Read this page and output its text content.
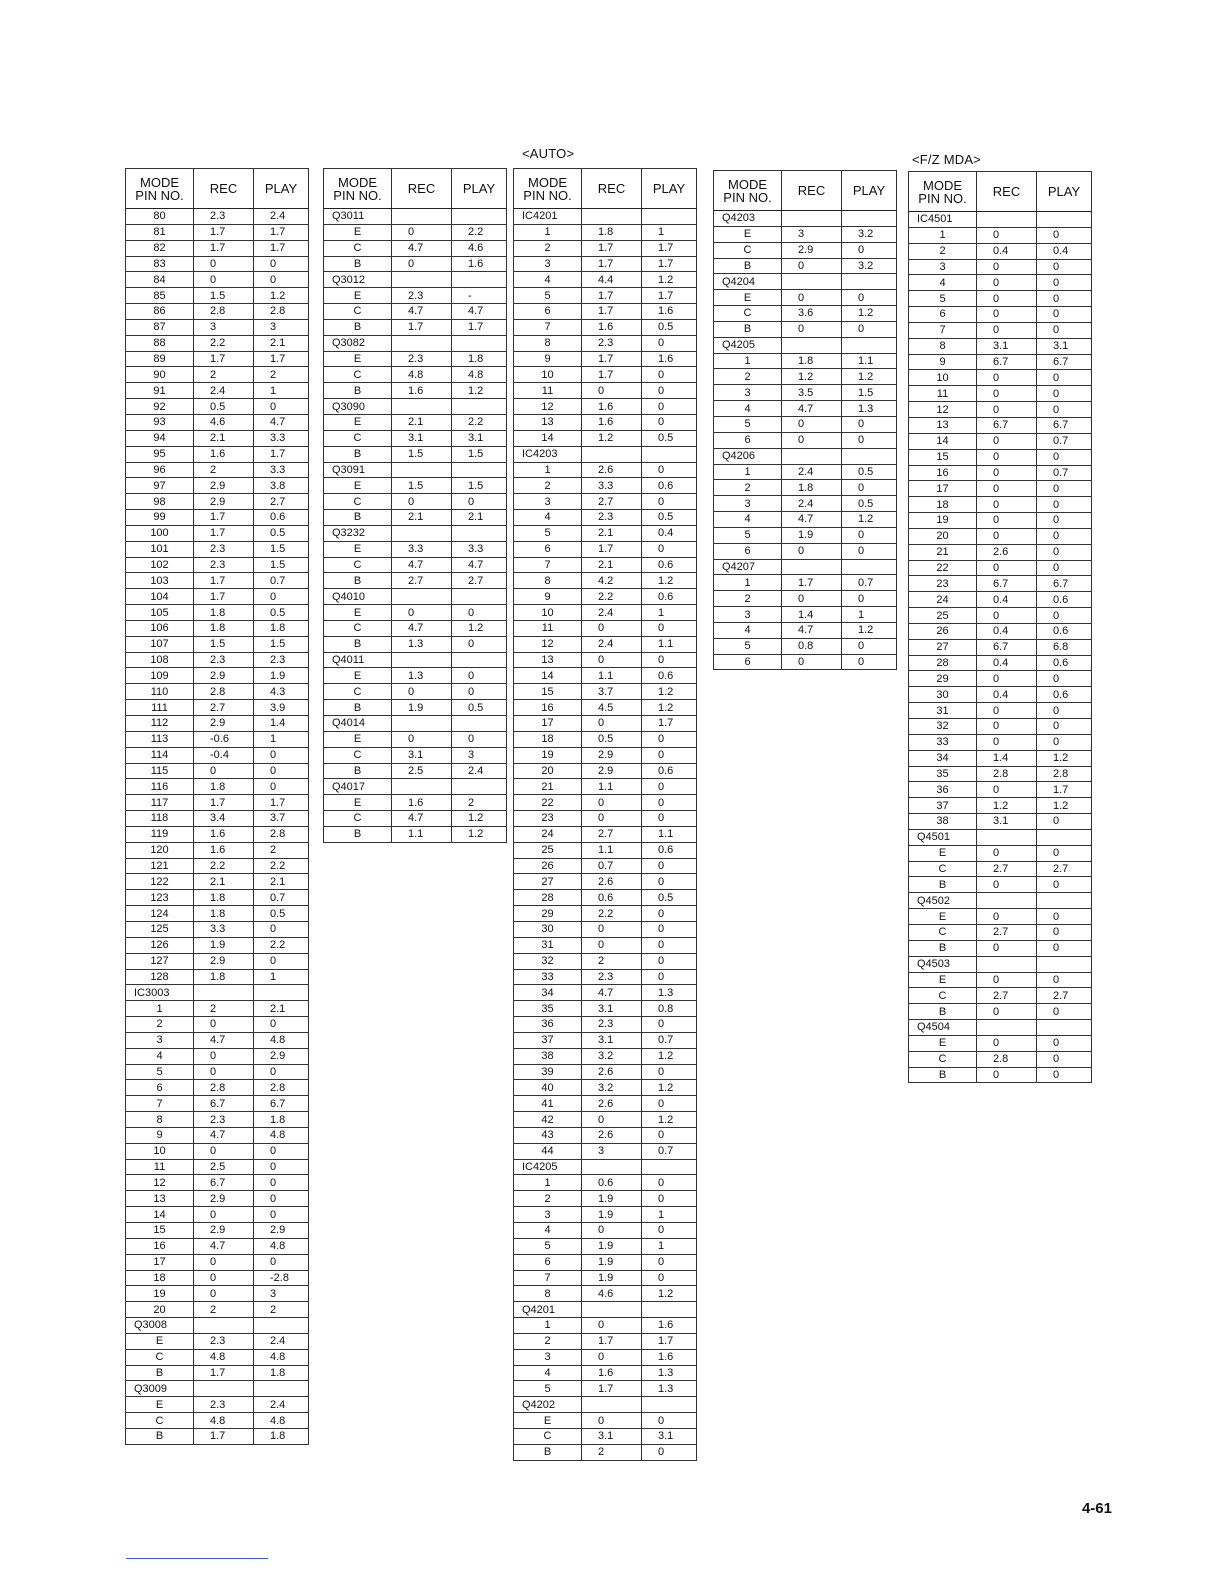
<AUTO>	<F/Z MDA>
MODE
PIN NO.	REC	PLAY
80	2.3	2.4
81	1.7	1.7
82	1.7	1.7
83	0	0
84	0	0
85	1.5	1.2
86	2.8	2.8
87	3	3
88	2.2	2.1
89	1.7	1.7
90	2	2
91	2.4	1
92	0.5	0
93	4.6	4.7
94	2.1	3.3
95	1.6	1.7
96	2	3.3
97	2.9	3.8
98	2.9	2.7
99	1.7	0.6
100	1.7	0.5
101	2.3	1.5
102	2.3	1.5
103	1.7	0.7
104	1.7	0
105	1.8	0.5
106	1.8	1.8
107	1.5	1.5
108	2.3	2.3
109	2.9	1.9
110	2.8	4.3
111	2.7	3.9
112	2.9	1.4
113	-0.6	1
114	-0.4	0
115	0	0
116	1.8	0
117	1.7	1.7
118	3.4	3.7
119	1.6	2.8
120	1.6	2
121	2.2	2.2
122	2.1	2.1
123	1.8	0.7
124	1.8	0.5
125	3.3	0
126	1.9	2.2
127	2.9	0
128	1.8	1
IC3003		
1	2	2.1
2	0	0
3	4.7	4.8
4	0	2.9
5	0	0
6	2.8	2.8
7	6.7	6.7
8	2.3	1.8
9	4.7	4.8
10	0	0
11	2.5	0
12	6.7	0
13	2.9	0
14	0	0
15	2.9	2.9
16	4.7	4.8
17	0	0
18	0	-2.8
19	0	3
20	2	2
Q3008		
E	2.3	2.4
C	4.8	4.8
B	1.7	1.8
Q3009		
E	2.3	2.4
C	4.8	4.8
B	1.7	1.8
MODE
PIN NO.	REC	PLAY
Q3011		
E	0	2.2
C	4.7	4.6
B	0	1.6
Q3012		
E	2.3	-
C	4.7	4.7
B	1.7	1.7
Q3082		
E	2.3	1.8
C	4.8	4.8
B	1.6	1.2
Q3090		
E	2.1	2.2
C	3.1	3.1
B	1.5	1.5
Q3091		
E	1.5	1.5
C	0	0
B	2.1	2.1
Q3232		
E	3.3	3.3
C	4.7	4.7
B	2.7	2.7
Q4010		
E	0	0
C	4.7	1.2
B	1.3	0
Q4011		
E	1.3	0
C	0	0
B	1.9	0.5
Q4014		
E	0	0
C	3.1	3
B	2.5	2.4
Q4017		
E	1.6	2
C	4.7	1.2
B	1.1	1.2
MODE
PIN NO.	REC	PLAY
IC4201		
1	1.8	1
2	1.7	1.7
3	1.7	1.7
4	4.4	1.2
5	1.7	1.7
6	1.7	1.6
7	1.6	0.5
8	2.3	0
9	1.7	1.6
10	1.7	0
11	0	0
12	1.6	0
13	1.6	0
14	1.2	0.5
IC4203		
1	2.6	0
2	3.3	0.6
3	2.7	0
4	2.3	0.5
5	2.1	0.4
6	1.7	0
7	2.1	0.6
8	4.2	1.2
9	2.2	0.6
10	2.4	1
11	0	0
12	2.4	1.1
13	0	0
14	1.1	0.6
15	3.7	1.2
16	4.5	1.2
17	0	1.7
18	0.5	0
19	2.9	0
20	2.9	0.6
21	1.1	0
22	0	0
23	0	0
24	2.7	1.1
25	1.1	0.6
26	0.7	0
27	2.6	0
28	0.6	0.5
29	2.2	0
30	0	0
31	0	0
32	2	0
33	2.3	0
34	4.7	1.3
35	3.1	0.8
36	2.3	0
37	3.1	0.7
38	3.2	1.2
39	2.6	0
40	3.2	1.2
41	2.6	0
42	0	1.2
43	2.6	0
44	3	0.7
IC4205		
1	0.6	0
2	1.9	0
3	1.9	1
4	0	0
5	1.9	1
6	1.9	0
7	1.9	0
8	4.6	1.2
Q4201		
1	0	1.6
2	1.7	1.7
3	0	1.6
4	1.6	1.3
5	1.7	1.3
Q4202		
E	0	0
C	3.1	3.1
B	2	0
MODE
PIN NO.	REC	PLAY
Q4203		
E	3	3.2
C	2.9	0
B	0	3.2
Q4204		
E	0	0
C	3.6	1.2
B	0	0
Q4205		
1	1.8	1.1
2	1.2	1.2
3	3.5	1.5
4	4.7	1.3
5	0	0
6	0	0
Q4206		
1	2.4	0.5
2	1.8	0
3	2.4	0.5
4	4.7	1.2
5	1.9	0
6	0	0
Q4207		
1	1.7	0.7
2	0	0
3	1.4	1
4	4.7	1.2
5	0.8	0
6	0	0
MODE
PIN NO.	REC	PLAY
IC4501		
1	0	0
2	0.4	0.4
3	0	0
4	0	0
5	0	0
6	0	0
7	0	0
8	3.1	3.1
9	6.7	6.7
10	0	0
11	0	0
12	0	0
13	6.7	6.7
14	0	0.7
15	0	0
16	0	0.7
17	0	0
18	0	0
19	0	0
20	0	0
21	2.6	0
22	0	0
23	6.7	6.7
24	0.4	0.6
25	0	0
26	0.4	0.6
27	6.7	6.8
28	0.4	0.6
29	0	0
30	0.4	0.6
31	0	0
32	0	0
33	0	0
34	1.4	1.2
35	2.8	2.8
36	0	1.7
37	1.2	1.2
38	3.1	0
Q4501		
E	0	0
C	2.7	2.7
B	0	0
Q4502		
E	0	0
C	2.7	0
B	0	0
Q4503		
E	0	0
C	2.7	2.7
B	0	0
Q4504		
E	0	0
C	2.8	0
B	0	0
4-61
